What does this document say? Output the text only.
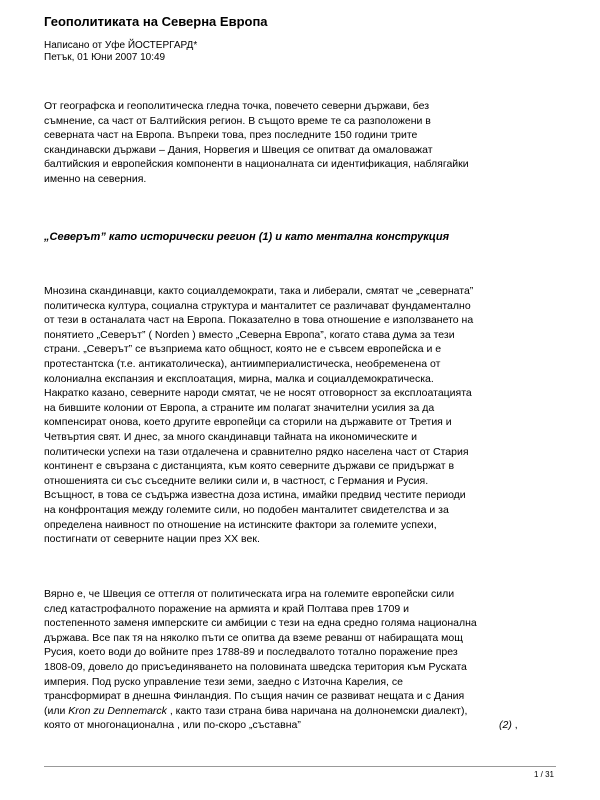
Геополитиката на Северна Европа
Написано от Уфе ЙОСТЕРГАРД*
Петък, 01 Юни 2007 10:49
От географска и геополитическа гледна точка, повечето северни държави, без
съмнение, са част от Балтийския регион. В същото време те са разположени в
северната част на Европа. Въпреки това, през последните 150 години трите
скандинавски държави – Дания, Норвегия и Швеция се опитват да омаловажат
балтийския и европейския компоненти в националната си идентификация, наблягайки
именно на северния.
„Северът” като исторически регион (1) и като ментална конструкция
Мнозина скандинавци, както социалдемократи, така и либерали, смятат че „северната”
политическа култура, социална структура и манталитет се различават фундаментално
от тези в останалата част на Европа. Показателно в това отношение е използването на
понятието „Северът” ( Norden ) вместо „Северна Европа”, когато става дума за тези
страни. „Северът” се възприема като общност, която не е съвсем европейска и е
протестантска (т.е. антикатолическа), антиимпериалистическа, необременена от
колониална експанзия и експлоатация, мирна, малка и социалдемократическа.
Накратко казано, северните народи смятат, че не носят отговорност за експлоатацията
на бившите колонии от Европа, а страните им полагат значителни усилия за да
компенсират онова, което другите европейци са сторили на държавите от Третия и
Четвъртия свят. И днес, за много скандинавци тайната на икономическите и
политически успехи на тази отдалечена и сравнително рядко населена част от Стария
континент е свързана с дистанцията, към която северните държави се придържат в
отношенията си със съседните велики сили и, в частност, с Германия и Русия.
Всъщност, в това се съдържа известна доза истина, имайки предвид честите периоди
на конфронтация между големите сили, но подобен манталитет свидетелства и за
определена наивност по отношение на истинските фактори за големите успехи,
постигнати от северните нации през ХХ век.
Вярно е, че Швеция се оттегля от политическата игра на големите европейски сили
след катастрофалното поражение на армията и край Полтава прев 1709 и
постепенното заменя имперските си амбиции с тези на една средно голяма национална
държава. Все пак тя на няколко пъти се опитва да вземе реванш от набиращата мощ
Русия, което води до войните през 1788-89 и последвалото тотално поражение през
1808-09, довело до присъединяването на половината шведска територия към Руската
империя. Под руско управление тези земи, заедно с Източна Карелия, се
трансформират в днешна Финландия. По същия начин се развиват нещата и с Дания
(или Kron zu Dennemarck , както тази страна бива наричана на долнонемски диалект),
която от многонационална , или по-скоро „съставна”	(2) ,
1 / 31
